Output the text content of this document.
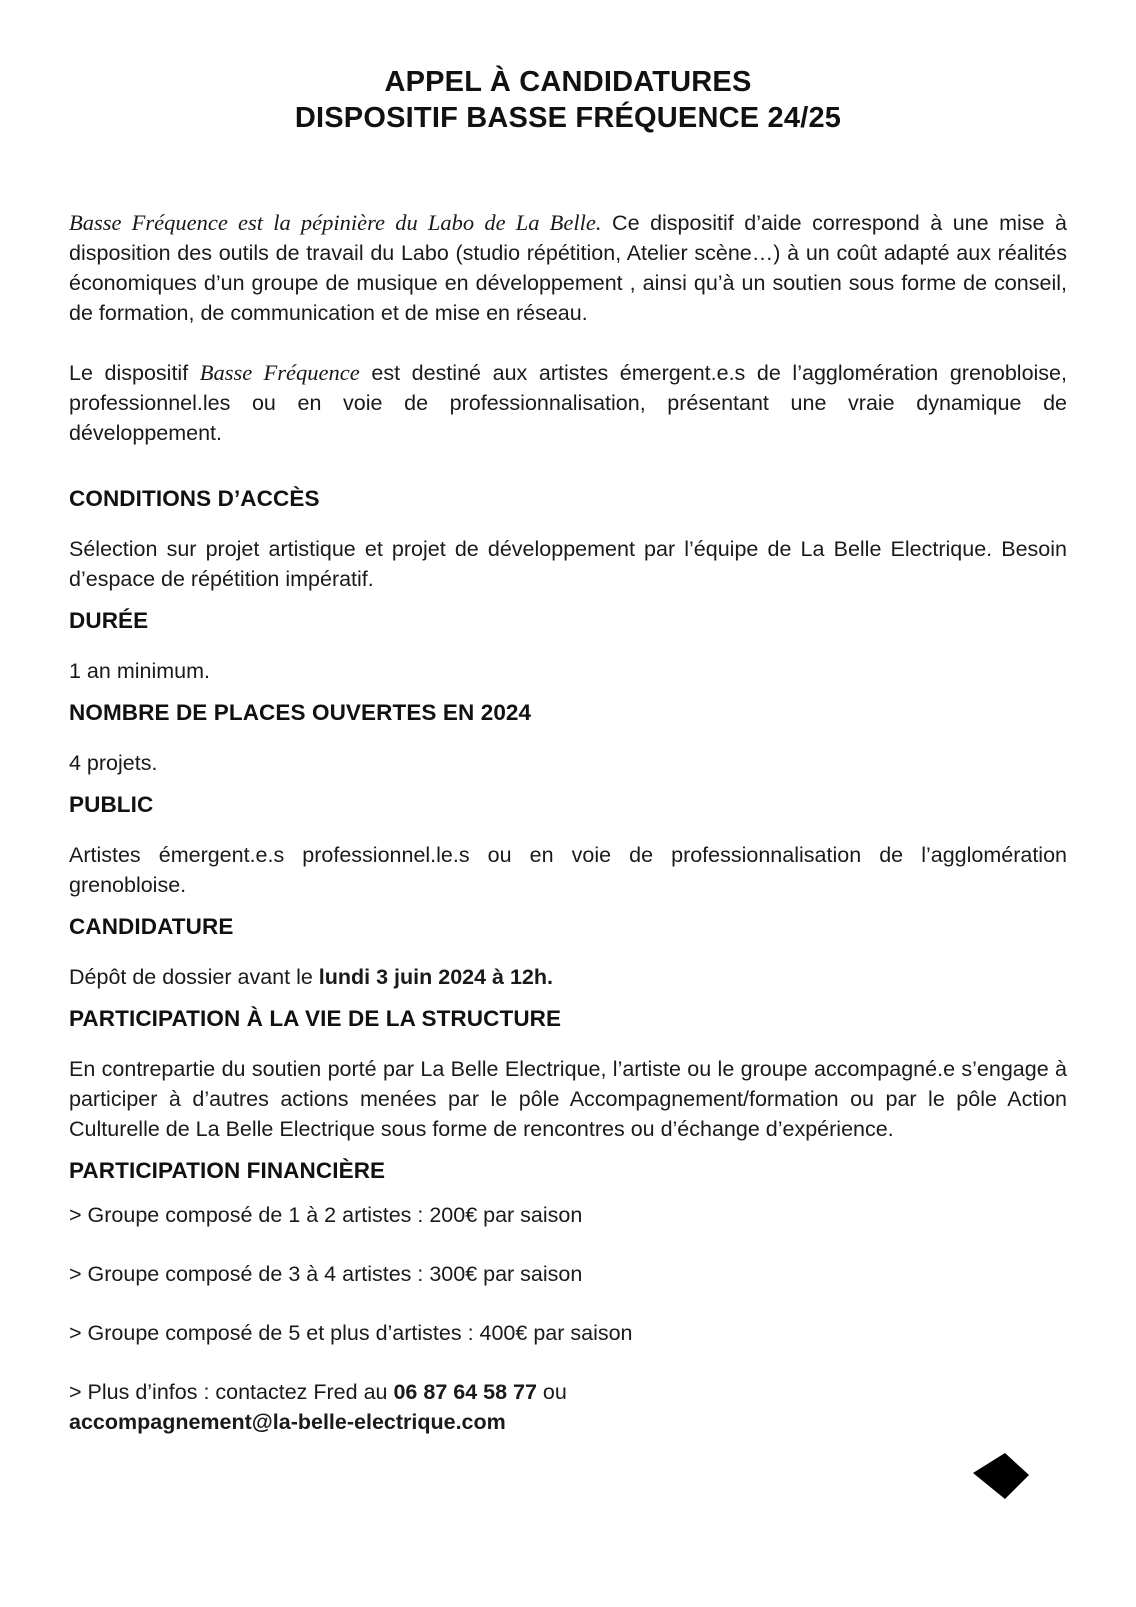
APPEL À CANDIDATURES
DISPOSITIF BASSE FRÉQUENCE 24/25

Basse Fréquence est la pépinière du Labo de La Belle. Ce dispositif d’aide correspond à une mise à disposition des outils de travail du Labo (studio répétition, Atelier scène…) à un coût adapté aux réalités économiques d’un groupe de musique en développement , ainsi qu’à un soutien sous forme de conseil, de formation, de communication et de mise en réseau.

Le dispositif Basse Fréquence est destiné aux artistes émergent.e.s de l’agglomération grenobloise, professionnel.les ou en voie de professionnalisation, présentant une vraie dynamique de développement.

CONDITIONS D’ACCÈS

Sélection sur projet artistique et projet de développement par l’équipe de La Belle Electrique. Besoin d’espace de répétition impératif.

DURÉE

1 an minimum.

NOMBRE DE PLACES OUVERTES EN 2024

4 projets.

PUBLIC

Artistes émergent.e.s professionnel.le.s ou en voie de professionnalisation de l’agglomération grenobloise.

CANDIDATURE

Dépôt de dossier avant le lundi 3 juin 2024 à 12h.

PARTICIPATION À LA VIE DE LA STRUCTURE

En contrepartie du soutien porté par La Belle Electrique, l’artiste ou le groupe accompagné.e s’engage à participer à d’autres actions menées par le pôle Accompagnement/formation ou par le pôle Action Culturelle de La Belle Electrique sous forme de rencontres ou d’échange d’expérience.

PARTICIPATION FINANCIÈRE

> Groupe composé de 1 à 2 artistes : 200€ par saison

> Groupe composé de 3 à 4 artistes : 300€ par saison

> Groupe composé de 5 et plus d’artistes : 400€ par saison

> Plus d’infos : contactez Fred au 06 87 64 58 77 ou
accompagnement@la-belle-electrique.com
